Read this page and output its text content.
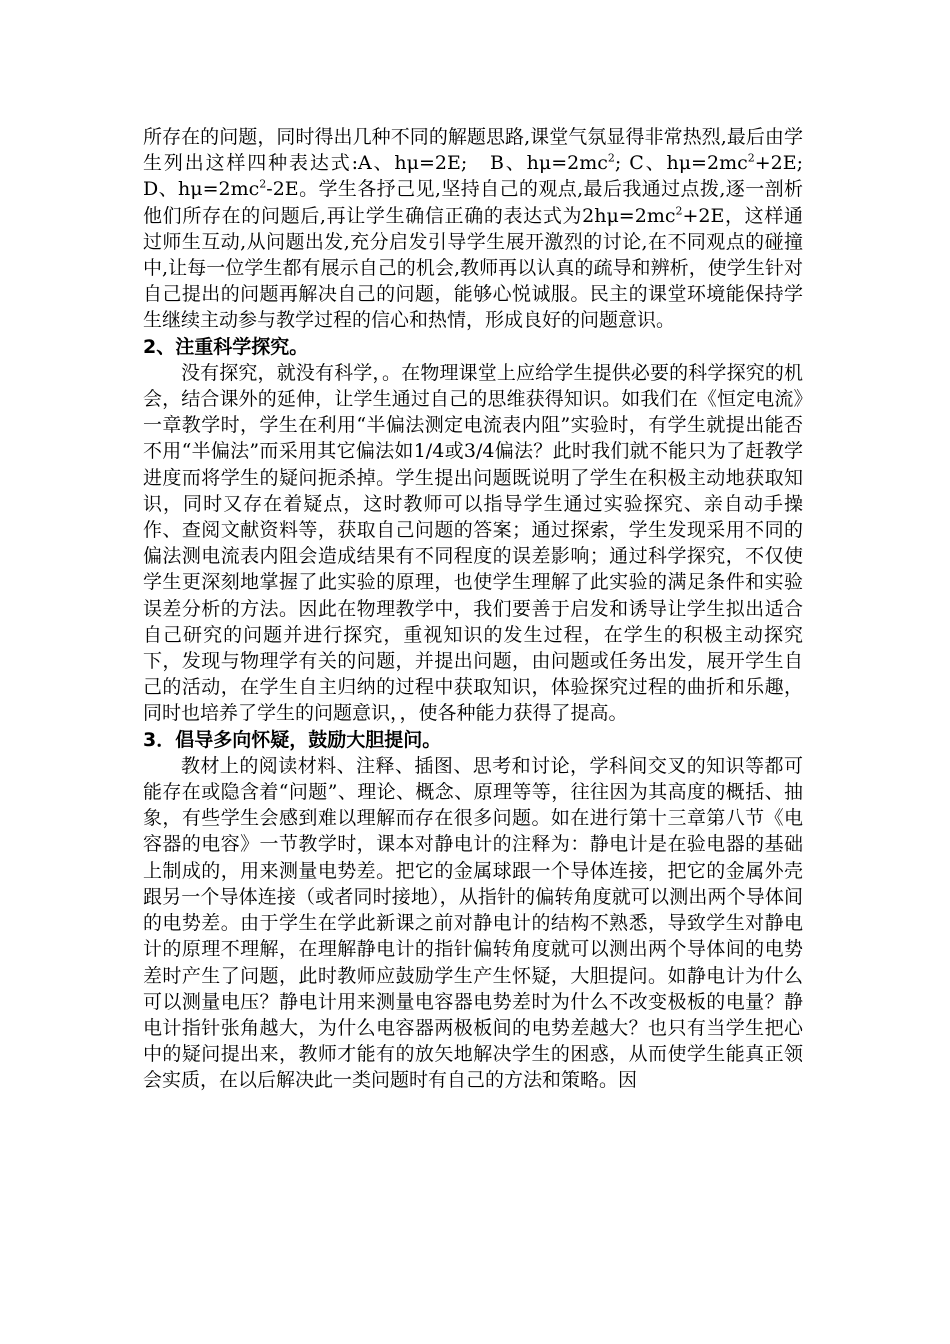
所存在的问题，同时得出几种不同的解题思路,课堂气氛显得非常热烈,最后由学生列出这样四种表达式:A、hμ=2E;　B、$h\mu=2mc^2$; C、$h\mu=2mc^2+2E$; D、$h\mu=2mc^2-2E$。学生各抒己见,坚持自己的观点,最后我通过点拨,逐一剖析他们所存在的问题后,再让学生确信正确的表达式为$2h\mu=2mc^2+2E$，这样通过师生互动,从问题出发,充分启发引导学生展开激烈的讨论,在不同观点的碰撞中,让每一位学生都有展示自己的机会,教师再以认真的疏导和辨析，使学生针对自己提出的问题再解决自己的问题，能够心悦诚服。民主的课堂环境能保持学生继续主动参与教学过程的信心和热情，形成良好的问题意识。

2、注重科学探究。

没有探究，就没有科学，。在物理课堂上应给学生提供必要的科学探究的机会，结合课外的延伸，让学生通过自己的思维获得知识。如我们在《恒定电流》一章教学时，学生在利用“半偏法测定电流表内阻”实验时，有学生就提出能否不用“半偏法”而采用其它偏法如1/4或3/4偏法？此时我们就不能只为了赶教学进度而将学生的疑问扼杀掉。学生提出问题既说明了学生在积极主动地获取知识，同时又存在着疑点，这时教师可以指导学生通过实验探究、亲自动手操作、查阅文献资料等，获取自己问题的答案；通过探索，学生发现采用不同的偏法测电流表内阻会造成结果有不同程度的误差影响；通过科学探究，不仅使学生更深刻地掌握了此实验的原理，也使学生理解了此实验的满足条件和实验误差分析的方法。因此在物理教学中，我们要善于启发和诱导让学生拟出适合自己研究的问题并进行探究，重视知识的发生过程，在学生的积极主动探究下，发现与物理学有关的问题，并提出问题，由问题或任务出发，展开学生自己的活动，在学生自主归纳的过程中获取知识，体验探究过程的曲折和乐趣，同时也培养了学生的问题意识，，使各种能力获得了提高。

3．倡导多向怀疑，鼓励大胆提问。

教材上的阅读材料、注释、插图、思考和讨论，学科间交叉的知识等都可能存在或隐含着“问题”、理论、概念、原理等等，往往因为其高度的概括、抽象，有些学生会感到难以理解而存在很多问题。如在进行第十三章第八节《电容器的电容》一节教学时，课本对静电计的注释为：静电计是在验电器的基础上制成的，用来测量电势差。把它的金属球跟一个导体连接，把它的金属外壳跟另一个导体连接（或者同时接地），从指针的偏转角度就可以测出两个导体间的电势差。由于学生在学此新课之前对静电计的结构不熟悉，导致学生对静电计的原理不理解，在理解静电计的指针偏转角度就可以测出两个导体间的电势差时产生了问题，此时教师应鼓励学生产生怀疑，大胆提问。如静电计为什么可以测量电压？静电计用来测量电容器电势差时为什么不改变极板的电量？静电计指针张角越大，为什么电容器两极板间的电势差越大？也只有当学生把心中的疑问提出来，教师才能有的放矢地解决学生的困惑，从而使学生能真正领会实质，在以后解决此一类问题时有自己的方法和策略。因
